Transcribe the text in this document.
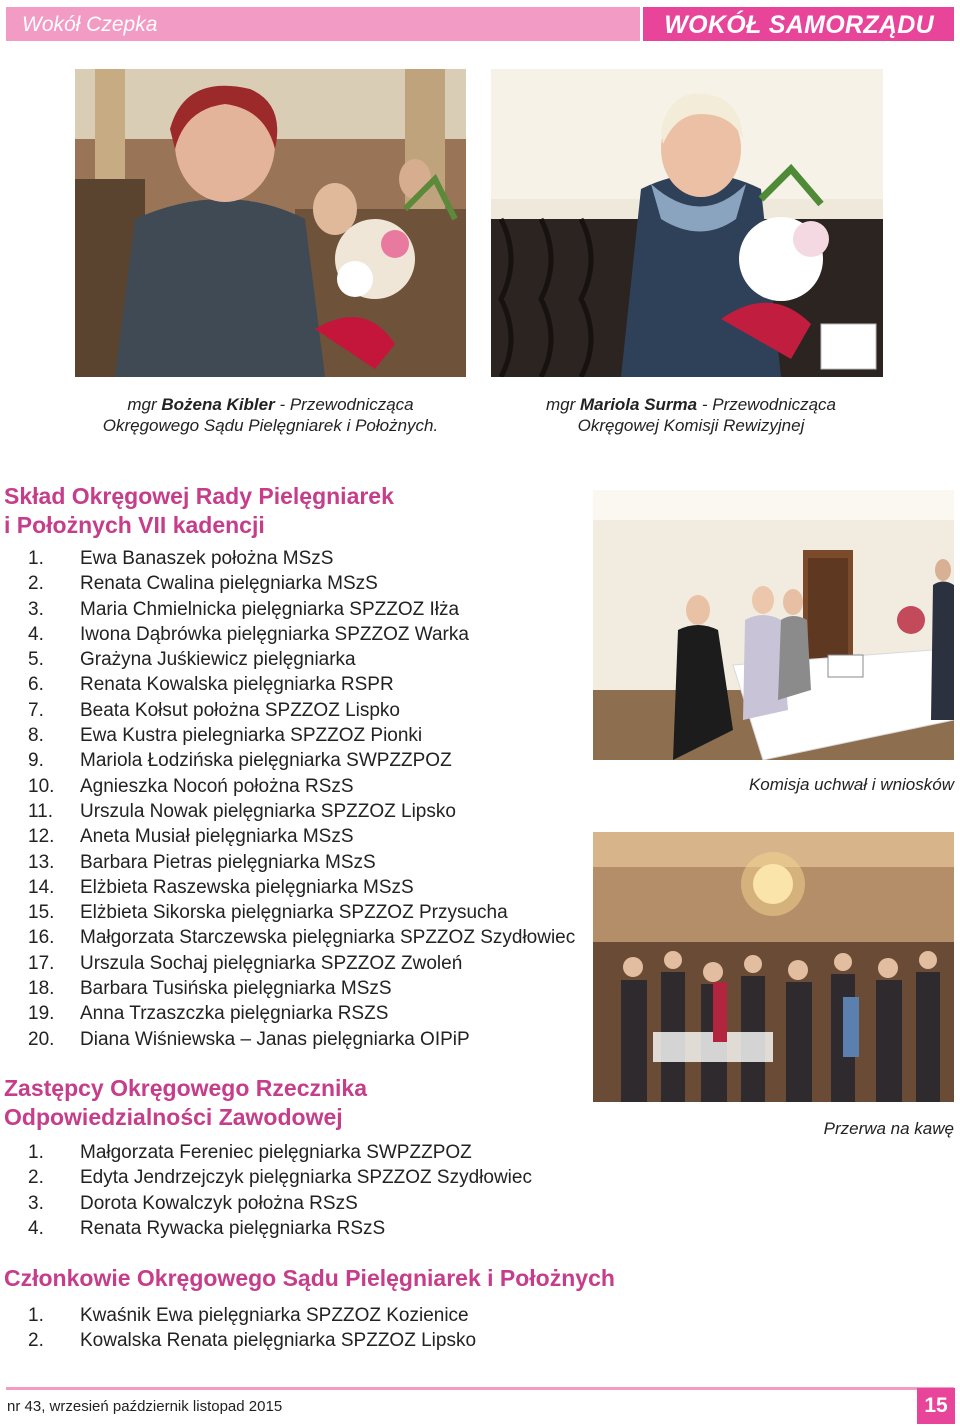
Wokół Czepka	WOKÓŁ SAMORZĄDU
mgr Bożena Kibler - Przewodnicząca
Okręgowego Sądu Pielęgniarek i Położnych.
mgr Mariola Surma - Przewodnicząca
Okręgowej Komisji Rewizyjnej
Komisja uchwał i wniosków
Przerwa na kawę
Skład Okręgowej Rady Pielęgniarek
i Położnych VII kadencji
1.	Ewa Banaszek położna MSzS
2.	Renata Cwalina pielęgniarka MSzS
3.	Maria Chmielnicka pielęgniarka SPZZOZ Iłża
4.	Iwona Dąbrówka pielęgniarka SPZZOZ Warka
5.	Grażyna Juśkiewicz pielęgniarka
6.	Renata Kowalska pielęgniarka RSPR
7.	Beata Kołsut położna SPZZOZ Lispko
8.	Ewa Kustra pielegniarka SPZZOZ Pionki
9.	Mariola Łodzińska pielęgniarka SWPZZPOZ
10.	Agnieszka Nocoń położna RSzS
11.	Urszula Nowak pielęgniarka SPZZOZ Lipsko
12.	Aneta Musiał pielęgniarka MSzS
13.	Barbara Pietras pielęgniarka MSzS
14.	Elżbieta Raszewska pielęgniarka MSzS
15.	Elżbieta Sikorska pielęgniarka SPZZOZ Przysucha
16.	Małgorzata Starczewska pielęgniarka SPZZOZ Szydłowiec
17.	Urszula Sochaj pielęgniarka SPZZOZ Zwoleń
18.	Barbara Tusińska pielęgniarka MSzS
19.	Anna Trzaszczka pielęgniarka RSZS
20.	Diana Wiśniewska – Janas pielęgniarka OIPiP
Zastępcy Okręgowego Rzecznika
Odpowiedzialności Zawodowej
1.	Małgorzata Fereniec pielęgniarka SWPZZPOZ
2.	Edyta Jendrzejczyk pielęgniarka SPZZOZ Szydłowiec
3.	Dorota Kowalczyk położna RSzS
4.	Renata Rywacka pielęgniarka RSzS
Członkowie Okręgowego Sądu Pielęgniarek i Położnych
1.	Kwaśnik Ewa pielęgniarka SPZZOZ Kozienice
2.	Kowalska Renata pielęgniarka SPZZOZ Lipsko
nr 43, wrzesień październik listopad 2015	15
